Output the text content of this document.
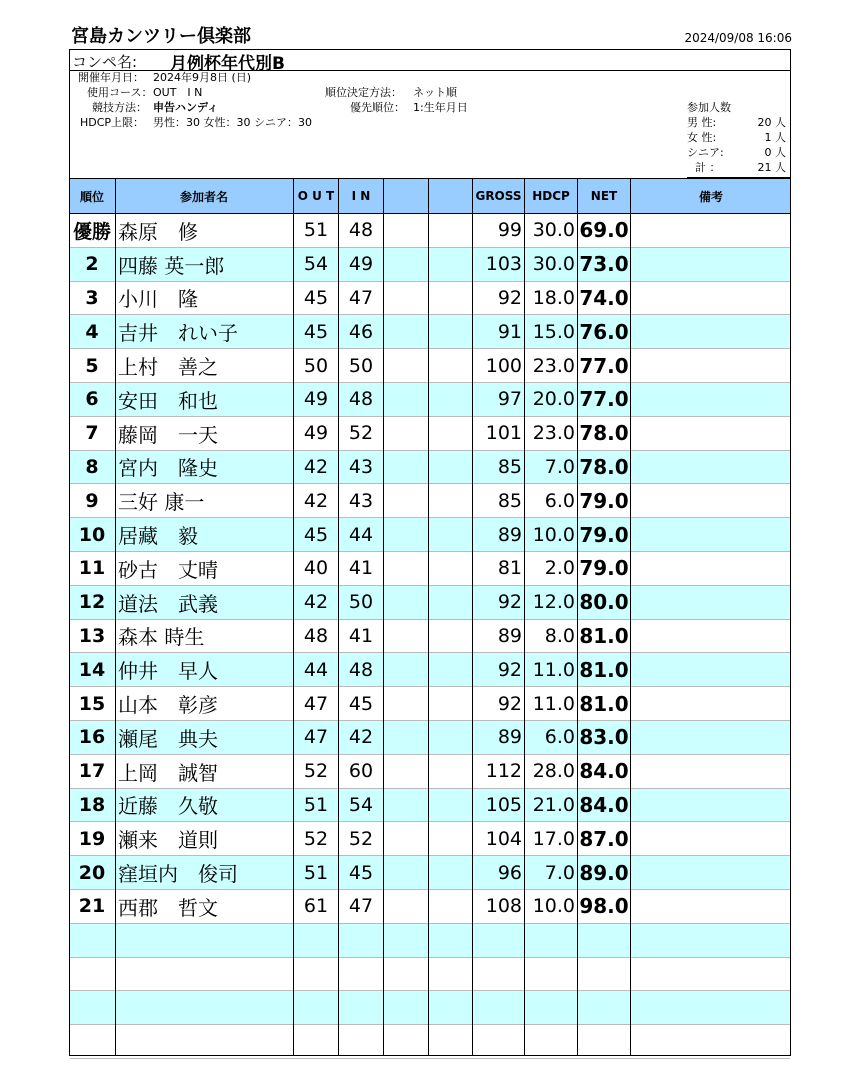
宮島カンツリー倶楽部	2024/09/08 16:06
コンペ名: 月例杯年代別B
開催年月日： 2024年9月8日 (日)
使用コース： OUT　I N
競技方法： 申告ハンディ
HDCP上限： 男性：30 女性：30 シニア：30
順位決定方法： ネット順
優先順位： 1:生年月日	参加人数
男 性:	20 人
女 性:	1 人
シニア:	0 人
計 ：	21 人
順位	参加者名	O U T	I N	GROSS HDCP	NET	備考
優勝 森原　修	51	48	99 30.0 69.0
2 四藤 英一郎	54	49	103 30.0 73.0
3 小川　隆	45	47	92 18.0 74.0
4 吉井　れい子	45	46	91 15.0 76.0
5 上村　善之	50	50	100 23.0 77.0
6 安田　和也	49	48	97 20.0 77.0
7 藤岡　一天	49	52	101 23.0 78.0
8 宮内　隆史	42	43	85	7.0 78.0
9 三好 康一	42	43	85	6.0 79.0
10 居藏　毅	45	44	89 10.0 79.0
11 砂古　丈晴	40	41	81	2.0 79.0
12 道法　武義	42	50	92 12.0 80.0
13 森本 時生	48	41	89	8.0 81.0
14 仲井　早人	44	48	92 11.0 81.0
15 山本　彰彦	47	45	92 11.0 81.0
16 瀬尾　典夫	47	42	89	6.0 83.0
17 上岡　誠智	52	60	112 28.0 84.0
18 近藤　久敬	51	54	105 21.0 84.0
19 瀬来　道則	52	52	104 17.0 87.0
20 窪垣内　俊司	51	45	96	7.0 89.0
21 西郡　哲文	61	47	108 10.0 98.0
